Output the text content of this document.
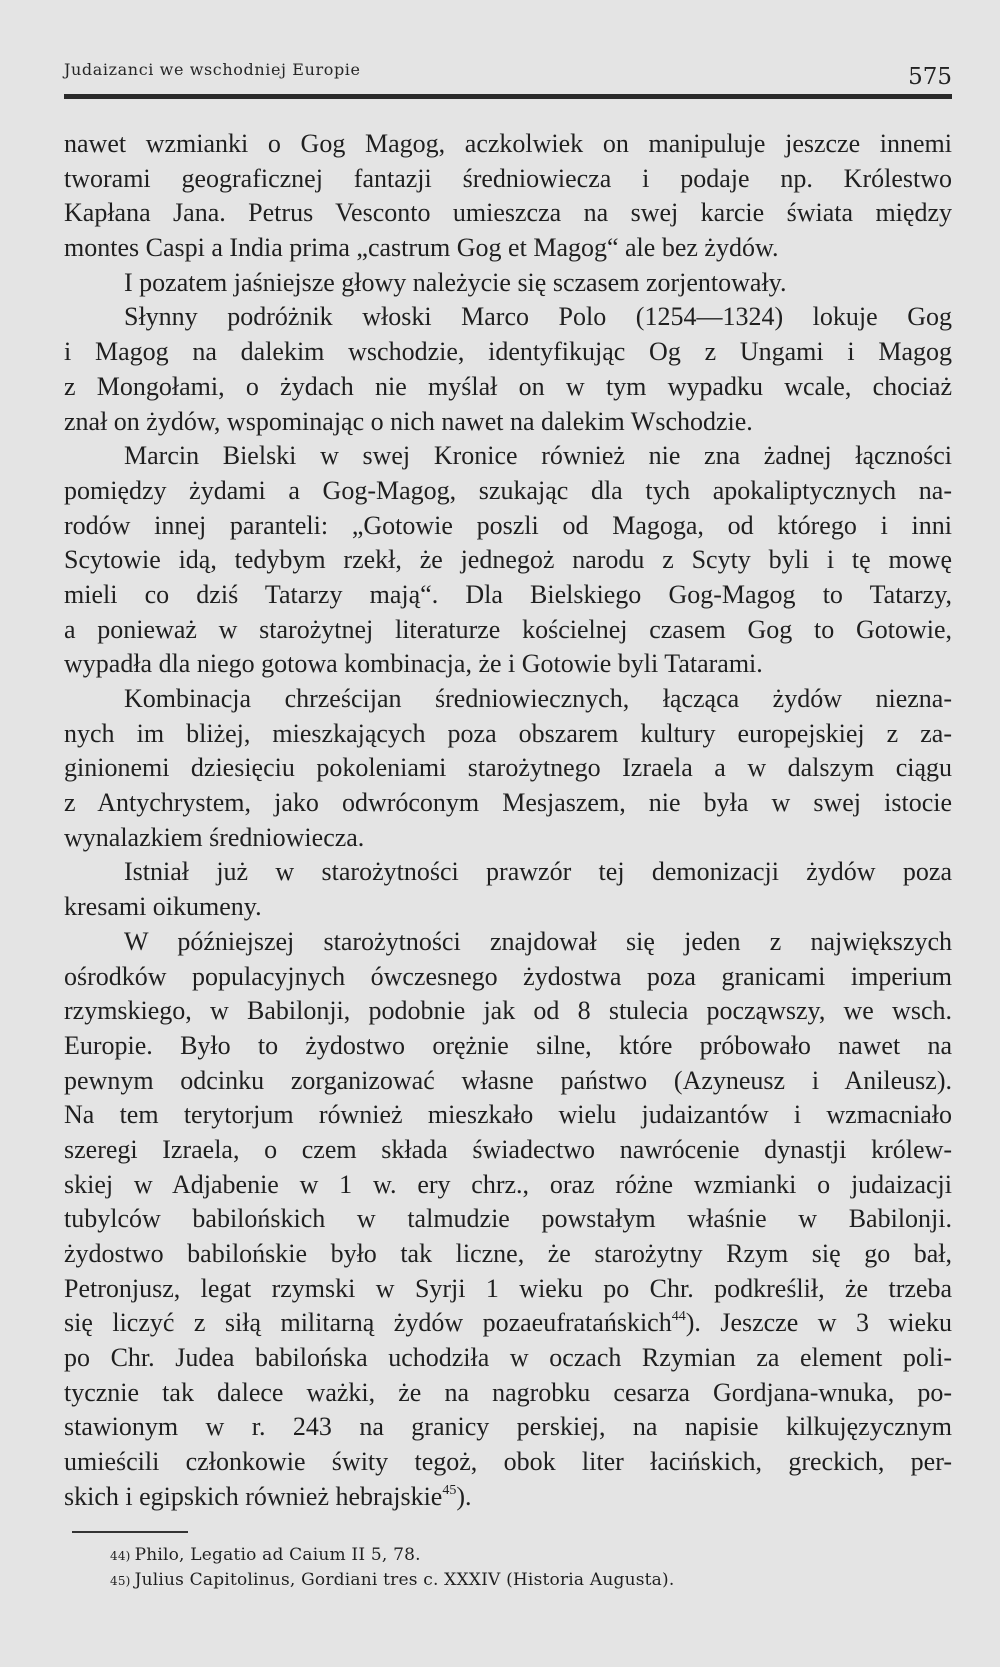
Judaizanci we wschodniej Europie	575
nawet wzmianki o Gog Magog, aczkolwiek on manipuluje jeszcze innemi
tworami geograficznej fantazji średniowiecza i podaje np. Królestwo
Kapłana Jana. Petrus Vesconto umieszcza na swej karcie świata między
montes Caspi a India prima „castrum Gog et Magog“ ale bez żydów.
I pozatem jaśniejsze głowy należycie się sczasem zorjentowały.
Słynny podróżnik włoski Marco Polo (1254—1324) lokuje Gog
i Magog na dalekim wschodzie, identyfikując Og z Ungami i Magog
z Mongołami, o żydach nie myślał on w tym wypadku wcale, chociaż
znał on żydów, wspominając o nich nawet na dalekim Wschodzie.
Marcin Bielski w swej Kronice również nie zna żadnej łączności
pomiędzy żydami a Gog-Magog, szukając dla tych apokaliptycznych na-
rodów innej paranteli: „Gotowie poszli od Magoga, od którego i inni
Scytowie idą, tedybym rzekł, że jednegoż narodu z Scyty byli i tę mowę
mieli co dziś Tatarzy mają“. Dla Bielskiego Gog-Magog to Tatarzy,
a ponieważ w starożytnej literaturze kościelnej czasem Gog to Gotowie,
wypadła dla niego gotowa kombinacja, że i Gotowie byli Tatarami.
Kombinacja chrześcijan średniowiecznych, łącząca żydów niezna-
nych im bliżej, mieszkających poza obszarem kultury europejskiej z za-
ginionemi dziesięciu pokoleniami starożytnego Izraela a w dalszym ciągu
z Antychrystem, jako odwróconym Mesjaszem, nie była w swej istocie
wynalazkiem średniowiecza.
Istniał już w starożytności prawzór tej demonizacji żydów poza
kresami oikumeny.
W późniejszej starożytności znajdował się jeden z największych
ośrodków populacyjnych ówczesnego żydostwa poza granicami imperium
rzymskiego, w Babilonji, podobnie jak od 8 stulecia począwszy, we wsch.
Europie. Było to żydostwo orężnie silne, które próbowało nawet na
pewnym odcinku zorganizować własne państwo (Azyneusz i Anileusz).
Na tem terytorjum również mieszkało wielu judaizantów i wzmacniało
szeregi Izraela, o czem składa świadectwo nawrócenie dynastji królew-
skiej w Adjabenie w 1 w. ery chrz., oraz różne wzmianki o judaizacji
tubylców babilońskich w talmudzie powstałym właśnie w Babilonji.
żydostwo babilońskie było tak liczne, że starożytny Rzym się go bał,
Petronjusz, legat rzymski w Syrji 1 wieku po Chr. podkreślił, że trzeba
się liczyć z siłą militarną żydów pozaeufratańskich$^{44}$). Jeszcze w 3 wieku
po Chr. Judea babilońska uchodziła w oczach Rzymian za element poli-
tycznie tak dalece ważki, że na nagrobku cesarza Gordjana-wnuka, po-
stawionym w r. 243 na granicy perskiej, na napisie kilkujęzycznym
umieścili członkowie świty tegoż, obok liter łacińskich, greckich, per-
skich i egipskich również hebrajskie$^{45}$).
44) Philo, Legatio ad Caium II 5, 78.
45) Julius Capitolinus, Gordiani tres c. XXXIV (Historia Augusta).
